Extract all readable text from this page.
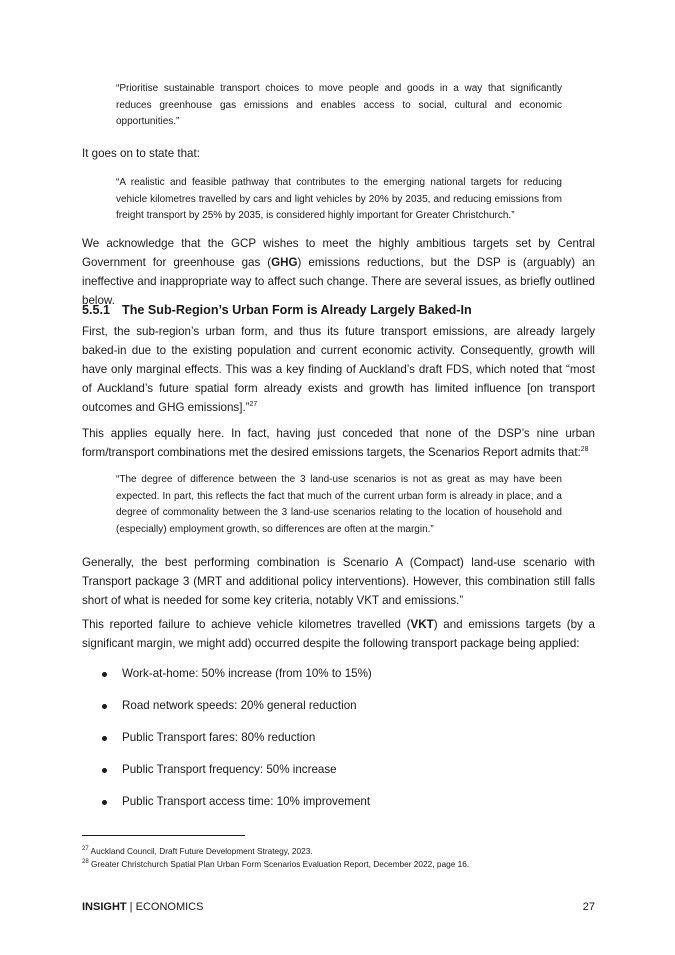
“Prioritise sustainable transport choices to move people and goods in a way that significantly reduces greenhouse gas emissions and enables access to social, cultural and economic opportunities.”
It goes on to state that:
“A realistic and feasible pathway that contributes to the emerging national targets for reducing vehicle kilometres travelled by cars and light vehicles by 20% by 2035, and reducing emissions from freight transport by 25% by 2035, is considered highly important for Greater Christchurch.”
We acknowledge that the GCP wishes to meet the highly ambitious targets set by Central Government for greenhouse gas (GHG) emissions reductions, but the DSP is (arguably) an ineffective and inappropriate way to affect such change. There are several issues, as briefly outlined below.
5.5.1 The Sub-Region’s Urban Form is Already Largely Baked-In
First, the sub-region’s urban form, and thus its future transport emissions, are already largely baked-in due to the existing population and current economic activity. Consequently, growth will have only marginal effects. This was a key finding of Auckland’s draft FDS, which noted that “most of Auckland’s future spatial form already exists and growth has limited influence [on transport outcomes and GHG emissions].”$^{27}$
This applies equally here. In fact, having just conceded that none of the DSP’s nine urban form/transport combinations met the desired emissions targets, the Scenarios Report admits that:$^{28}$
“The degree of difference between the 3 land-use scenarios is not as great as may have been expected. In part, this reflects the fact that much of the current urban form is already in place, and a degree of commonality between the 3 land-use scenarios relating to the location of household and (especially) employment growth, so differences are often at the margin.”
Generally, the best performing combination is Scenario A (Compact) land-use scenario with Transport package 3 (MRT and additional policy interventions). However, this combination still falls short of what is needed for some key criteria, notably VKT and emissions.”
This reported failure to achieve vehicle kilometres travelled (VKT) and emissions targets (by a significant margin, we might add) occurred despite the following transport package being applied:
Work-at-home: 50% increase (from 10% to 15%)
Road network speeds: 20% general reduction
Public Transport fares: 80% reduction
Public Transport frequency: 50% increase
Public Transport access time: 10% improvement
$^{27}$ Auckland Council, Draft Future Development Strategy, 2023.
$^{28}$ Greater Christchurch Spatial Plan Urban Form Scenarios Evaluation Report, December 2022, page 16.
INSIGHT | ECONOMICS	27
